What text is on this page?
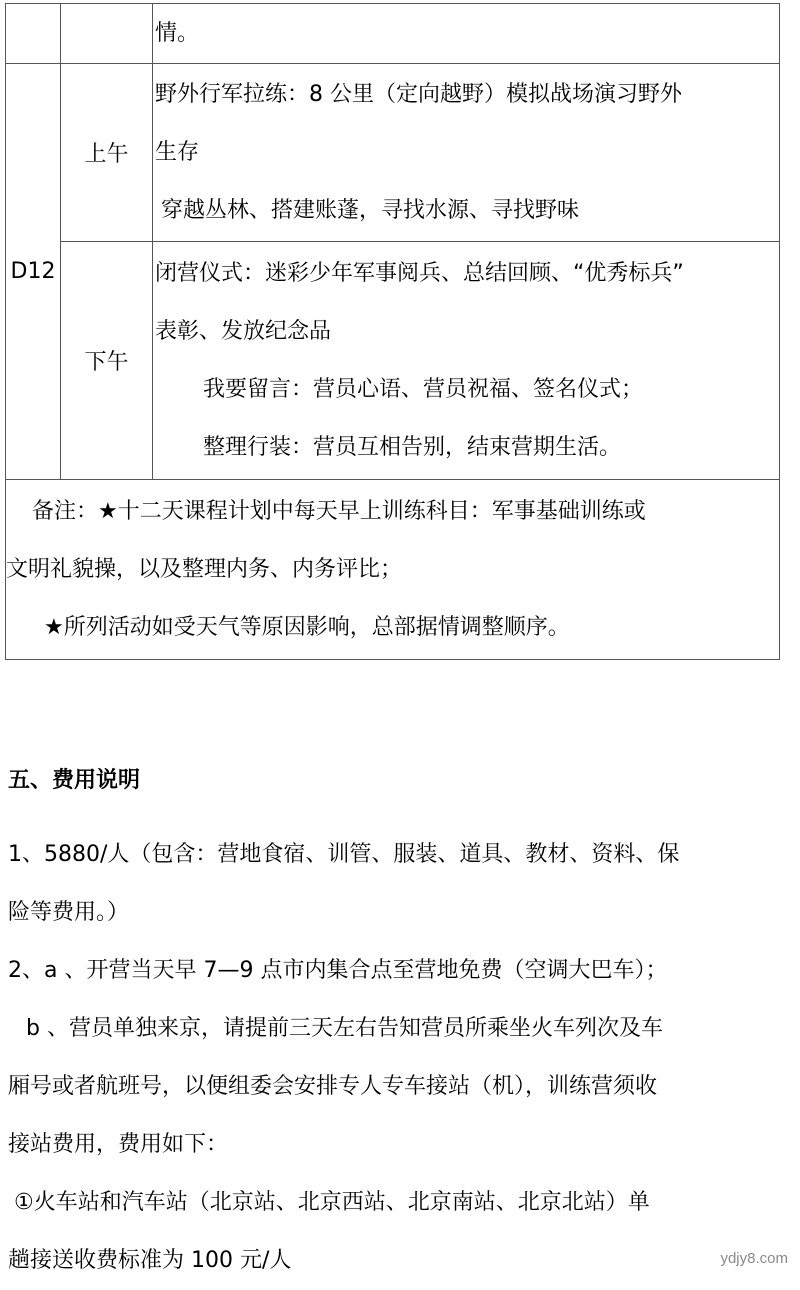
		情。

D12	上午	野外行军拉练：8 公里（定向越野）模拟战场演习野外

生存

穿越丛林、搭建账蓬，寻找水源、寻找野味

	下午	闭营仪式：迷彩少年军事阅兵、总结回顾、“优秀标兵”

表彰、发放纪念品

我要留言：营员心语、营员祝福、签名仪式；

整理行装：营员互相告别，结束营期生活。

备注：★十二天课程计划中每天早上训练科目：军事基础训练或

文明礼貌操，以及整理内务、内务评比；

★所列活动如受天气等原因影响，总部据情调整顺序。		

五、费用说明

1、5880/人（包含：营地食宿、训管、服装、道具、教材、资料、保

险等费用。）

2、a 、开营当天早 7—9 点市内集合点至营地免费（空调大巴车）；

b 、营员单独来京，请提前三天左右告知营员所乘坐火车列次及车

厢号或者航班号，以便组委会安排专人专车接站（机），训练营须收

接站费用，费用如下：

①火车站和汽车站（北京站、北京西站、北京南站、北京北站）单

趟接送收费标准为 100 元/人	ydjy8.com
